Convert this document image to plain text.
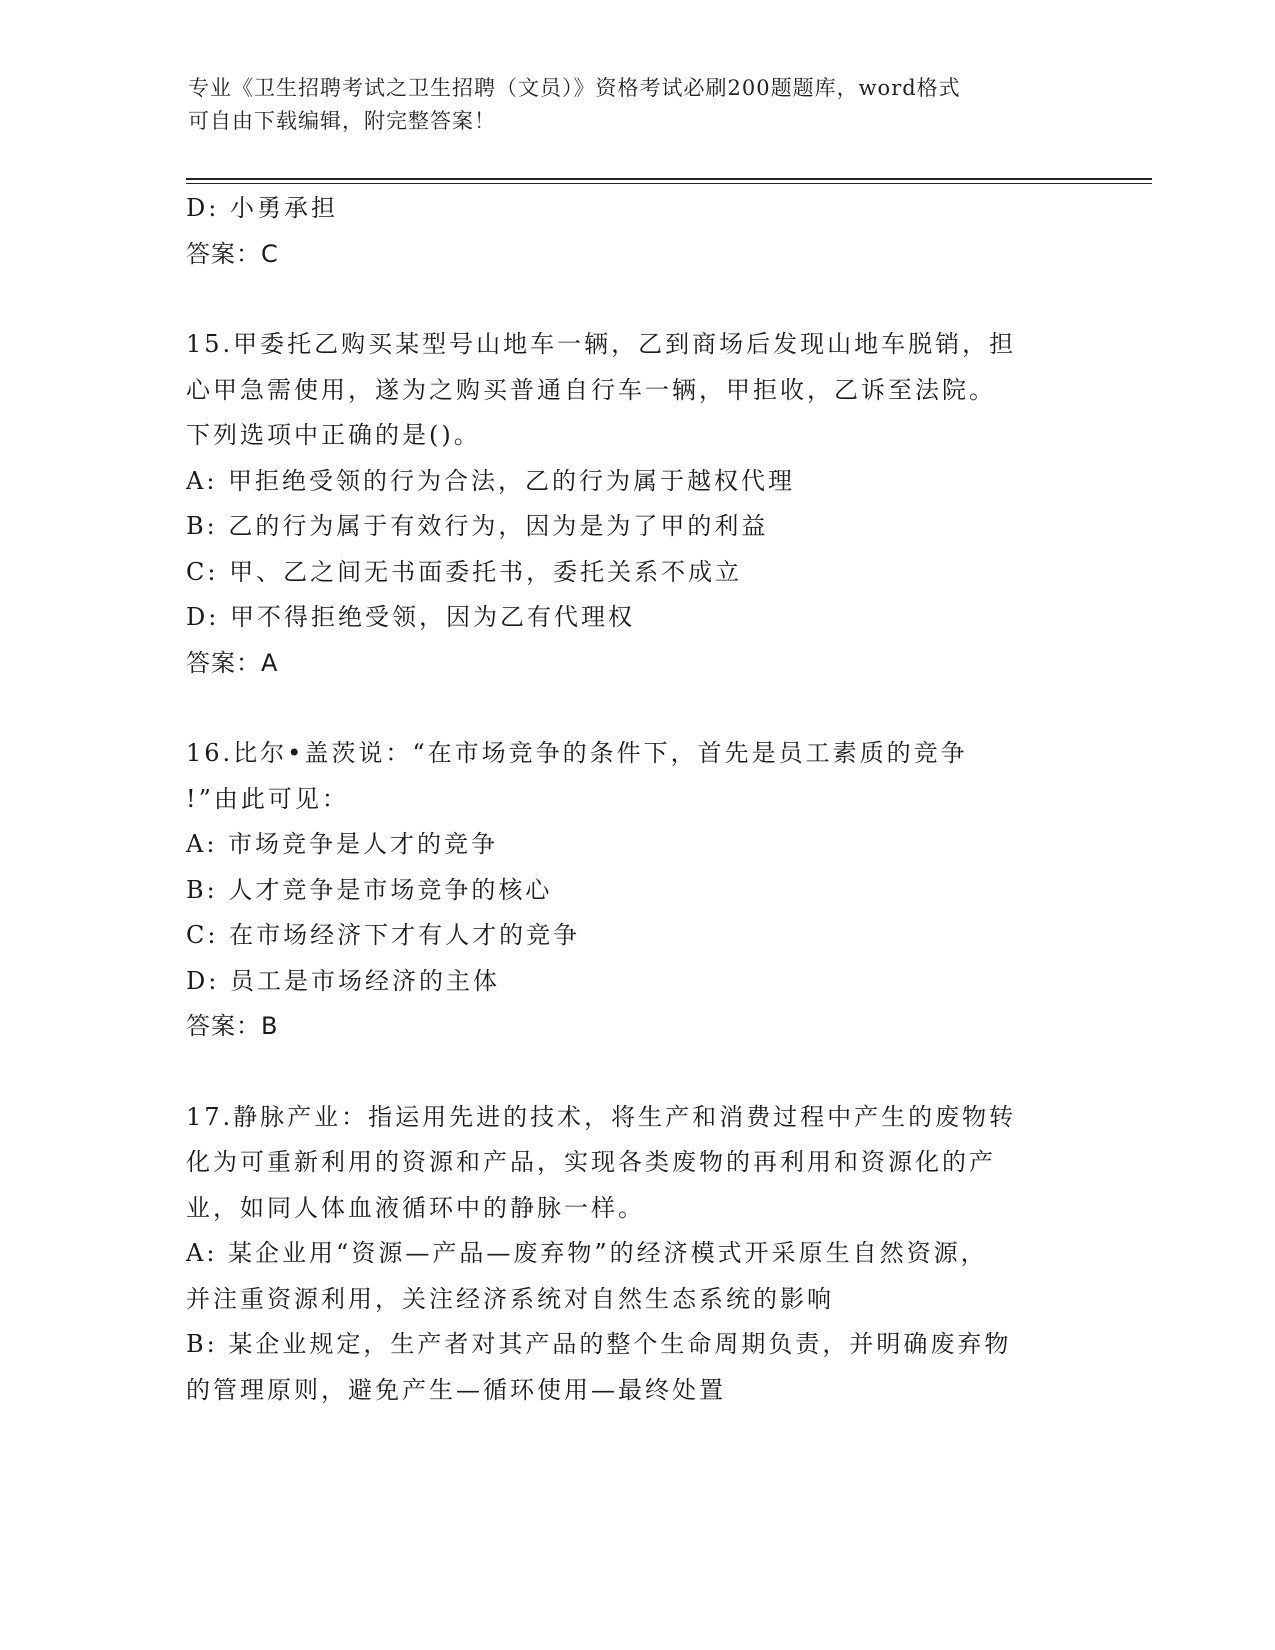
专业《卫生招聘考试之卫生招聘（文员）》资格考试必刷200题题库，word格式
可自由下载编辑，附完整答案！
D: 小勇承担
答案：C
15.甲委托乙购买某型号山地车一辆，乙到商场后发现山地车脱销，担
心甲急需使用，遂为之购买普通自行车一辆，甲拒收，乙诉至法院。
下列选项中正确的是()。
A: 甲拒绝受领的行为合法，乙的行为属于越权代理
B: 乙的行为属于有效行为，因为是为了甲的利益
C: 甲、乙之间无书面委托书，委托关系不成立
D: 甲不得拒绝受领，因为乙有代理权
答案：A
16.比尔•盖茨说：“在市场竞争的条件下，首先是员工素质的竞争
!”由此可见：
A: 市场竞争是人才的竞争
B: 人才竞争是市场竞争的核心
C: 在市场经济下才有人才的竞争
D: 员工是市场经济的主体
答案：B
17.静脉产业：指运用先进的技术，将生产和消费过程中产生的废物转
化为可重新利用的资源和产品，实现各类废物的再利用和资源化的产
业，如同人体血液循环中的静脉一样。
A: 某企业用“资源—产品—废弃物”的经济模式开采原生自然资源，
并注重资源利用，关注经济系统对自然生态系统的影响
B: 某企业规定，生产者对其产品的整个生命周期负责，并明确废弃物
的管理原则，避免产生—循环使用—最终处置
